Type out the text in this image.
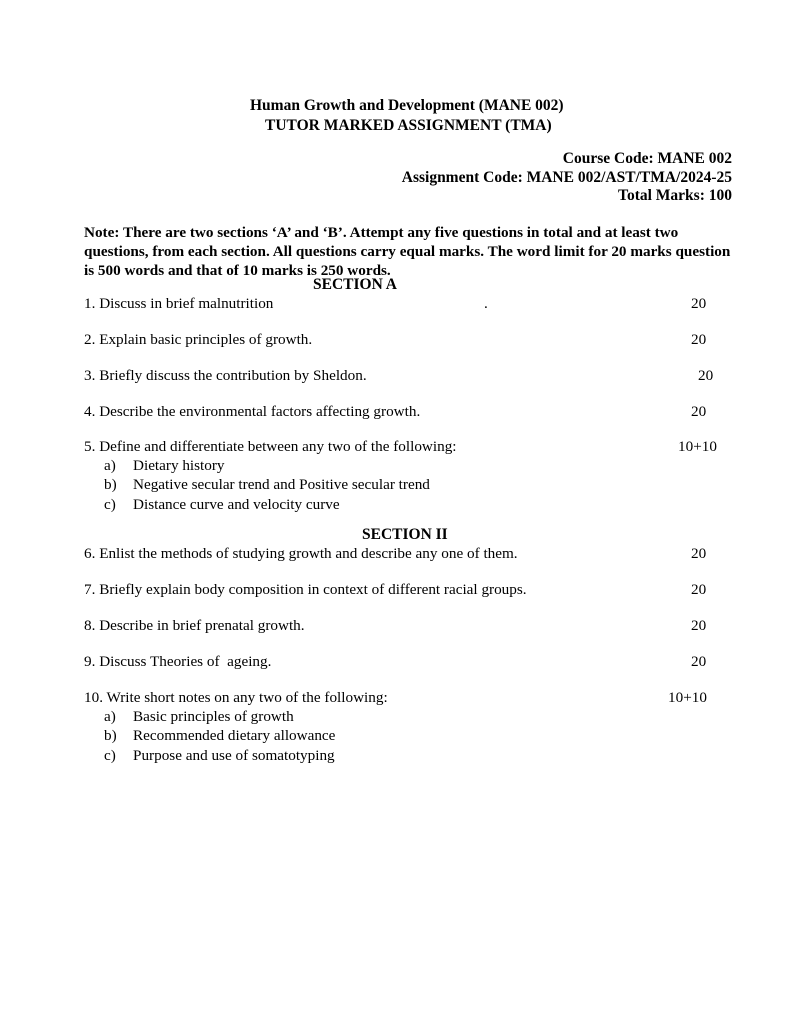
Human Growth and Development (MANE 002)
TUTOR MARKED ASSIGNMENT (TMA)
Course Code: MANE 002
Assignment Code: MANE 002/AST/TMA/2024-25
Total Marks: 100
Note: There are two sections ‘A’ and ‘B’. Attempt any five questions in total and at least two questions, from each section. All questions carry equal marks. The word limit for 20 marks question is 500 words and that of 10 marks is 250 words.
SECTION A
1. Discuss in brief malnutrition	.	20
2. Explain basic principles of growth.	20
3. Briefly discuss the contribution by Sheldon.	20
4. Describe the environmental factors affecting growth.	20
5. Define and differentiate between any two of the following:	10+10
a) Dietary history
b) Negative secular trend and Positive secular trend
c) Distance curve and velocity curve
SECTION II
6. Enlist the methods of studying growth and describe any one of them.	20
7. Briefly explain body composition in context of different racial groups.	20
8. Describe in brief prenatal growth.	20
9. Discuss Theories of  ageing.	20
10. Write short notes on any two of the following:	10+10
a) Basic principles of growth
b) Recommended dietary allowance
c) Purpose and use of somatotyping
